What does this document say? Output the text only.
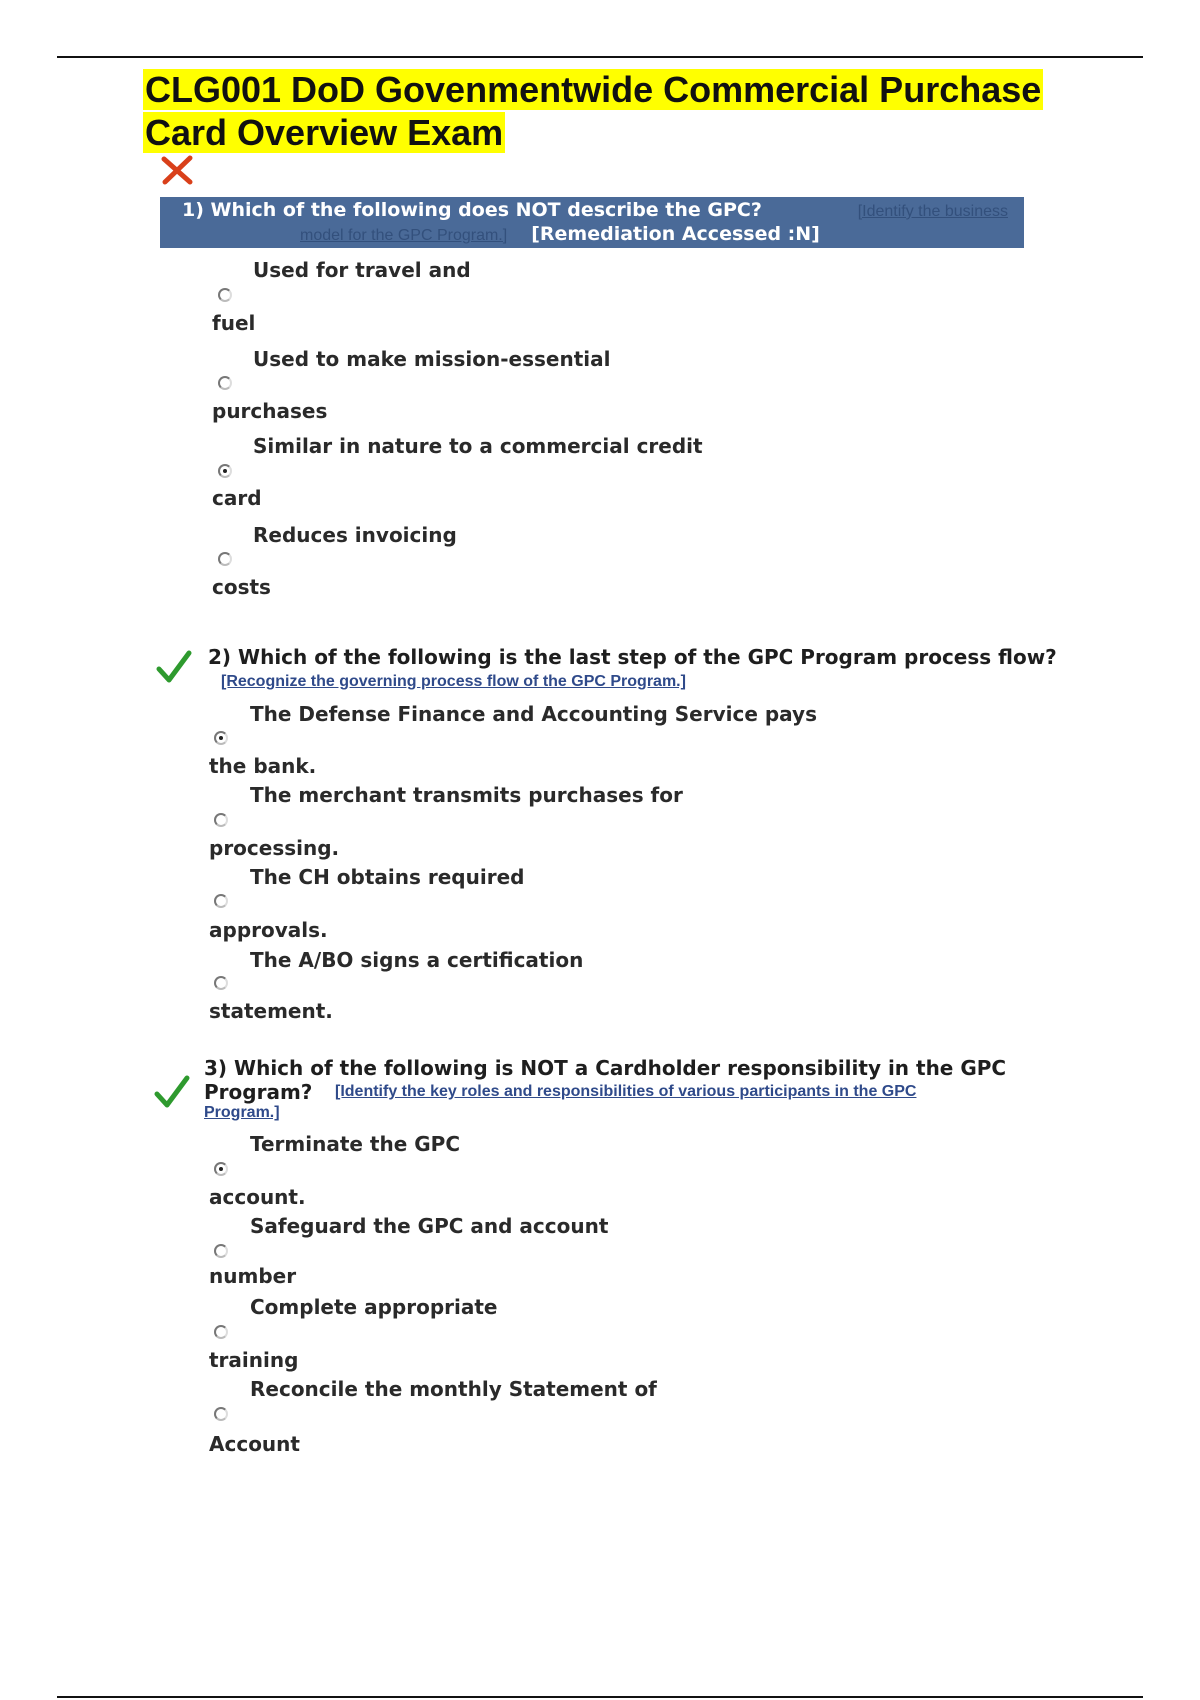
CLG001 DoD Govenmentwide Commercial Purchase Card Overview Exam
1) Which of the following does NOT describe the GPC?	[Identify the business
model for the GPC Program.] [Remediation Accessed :N]
Used for travel and
fuel
Used to make mission-essential
purchases
Similar in nature to a commercial credit
card
Reduces invoicing
costs
2) Which of the following is the last step of the GPC Program process flow?
[Recognize the governing process flow of the GPC Program.]
The Defense Finance and Accounting Service pays
the bank.
The merchant transmits purchases for
processing.
The CH obtains required
approvals.
The A/BO signs a certification
statement.
3) Which of the following is NOT a Cardholder responsibility in the GPC
Program? [Identify the key roles and responsibilities of various participants in the GPC
Program.]
Terminate the GPC
account.
Safeguard the GPC and account
number
Complete appropriate
training
Reconcile the monthly Statement of
Account
